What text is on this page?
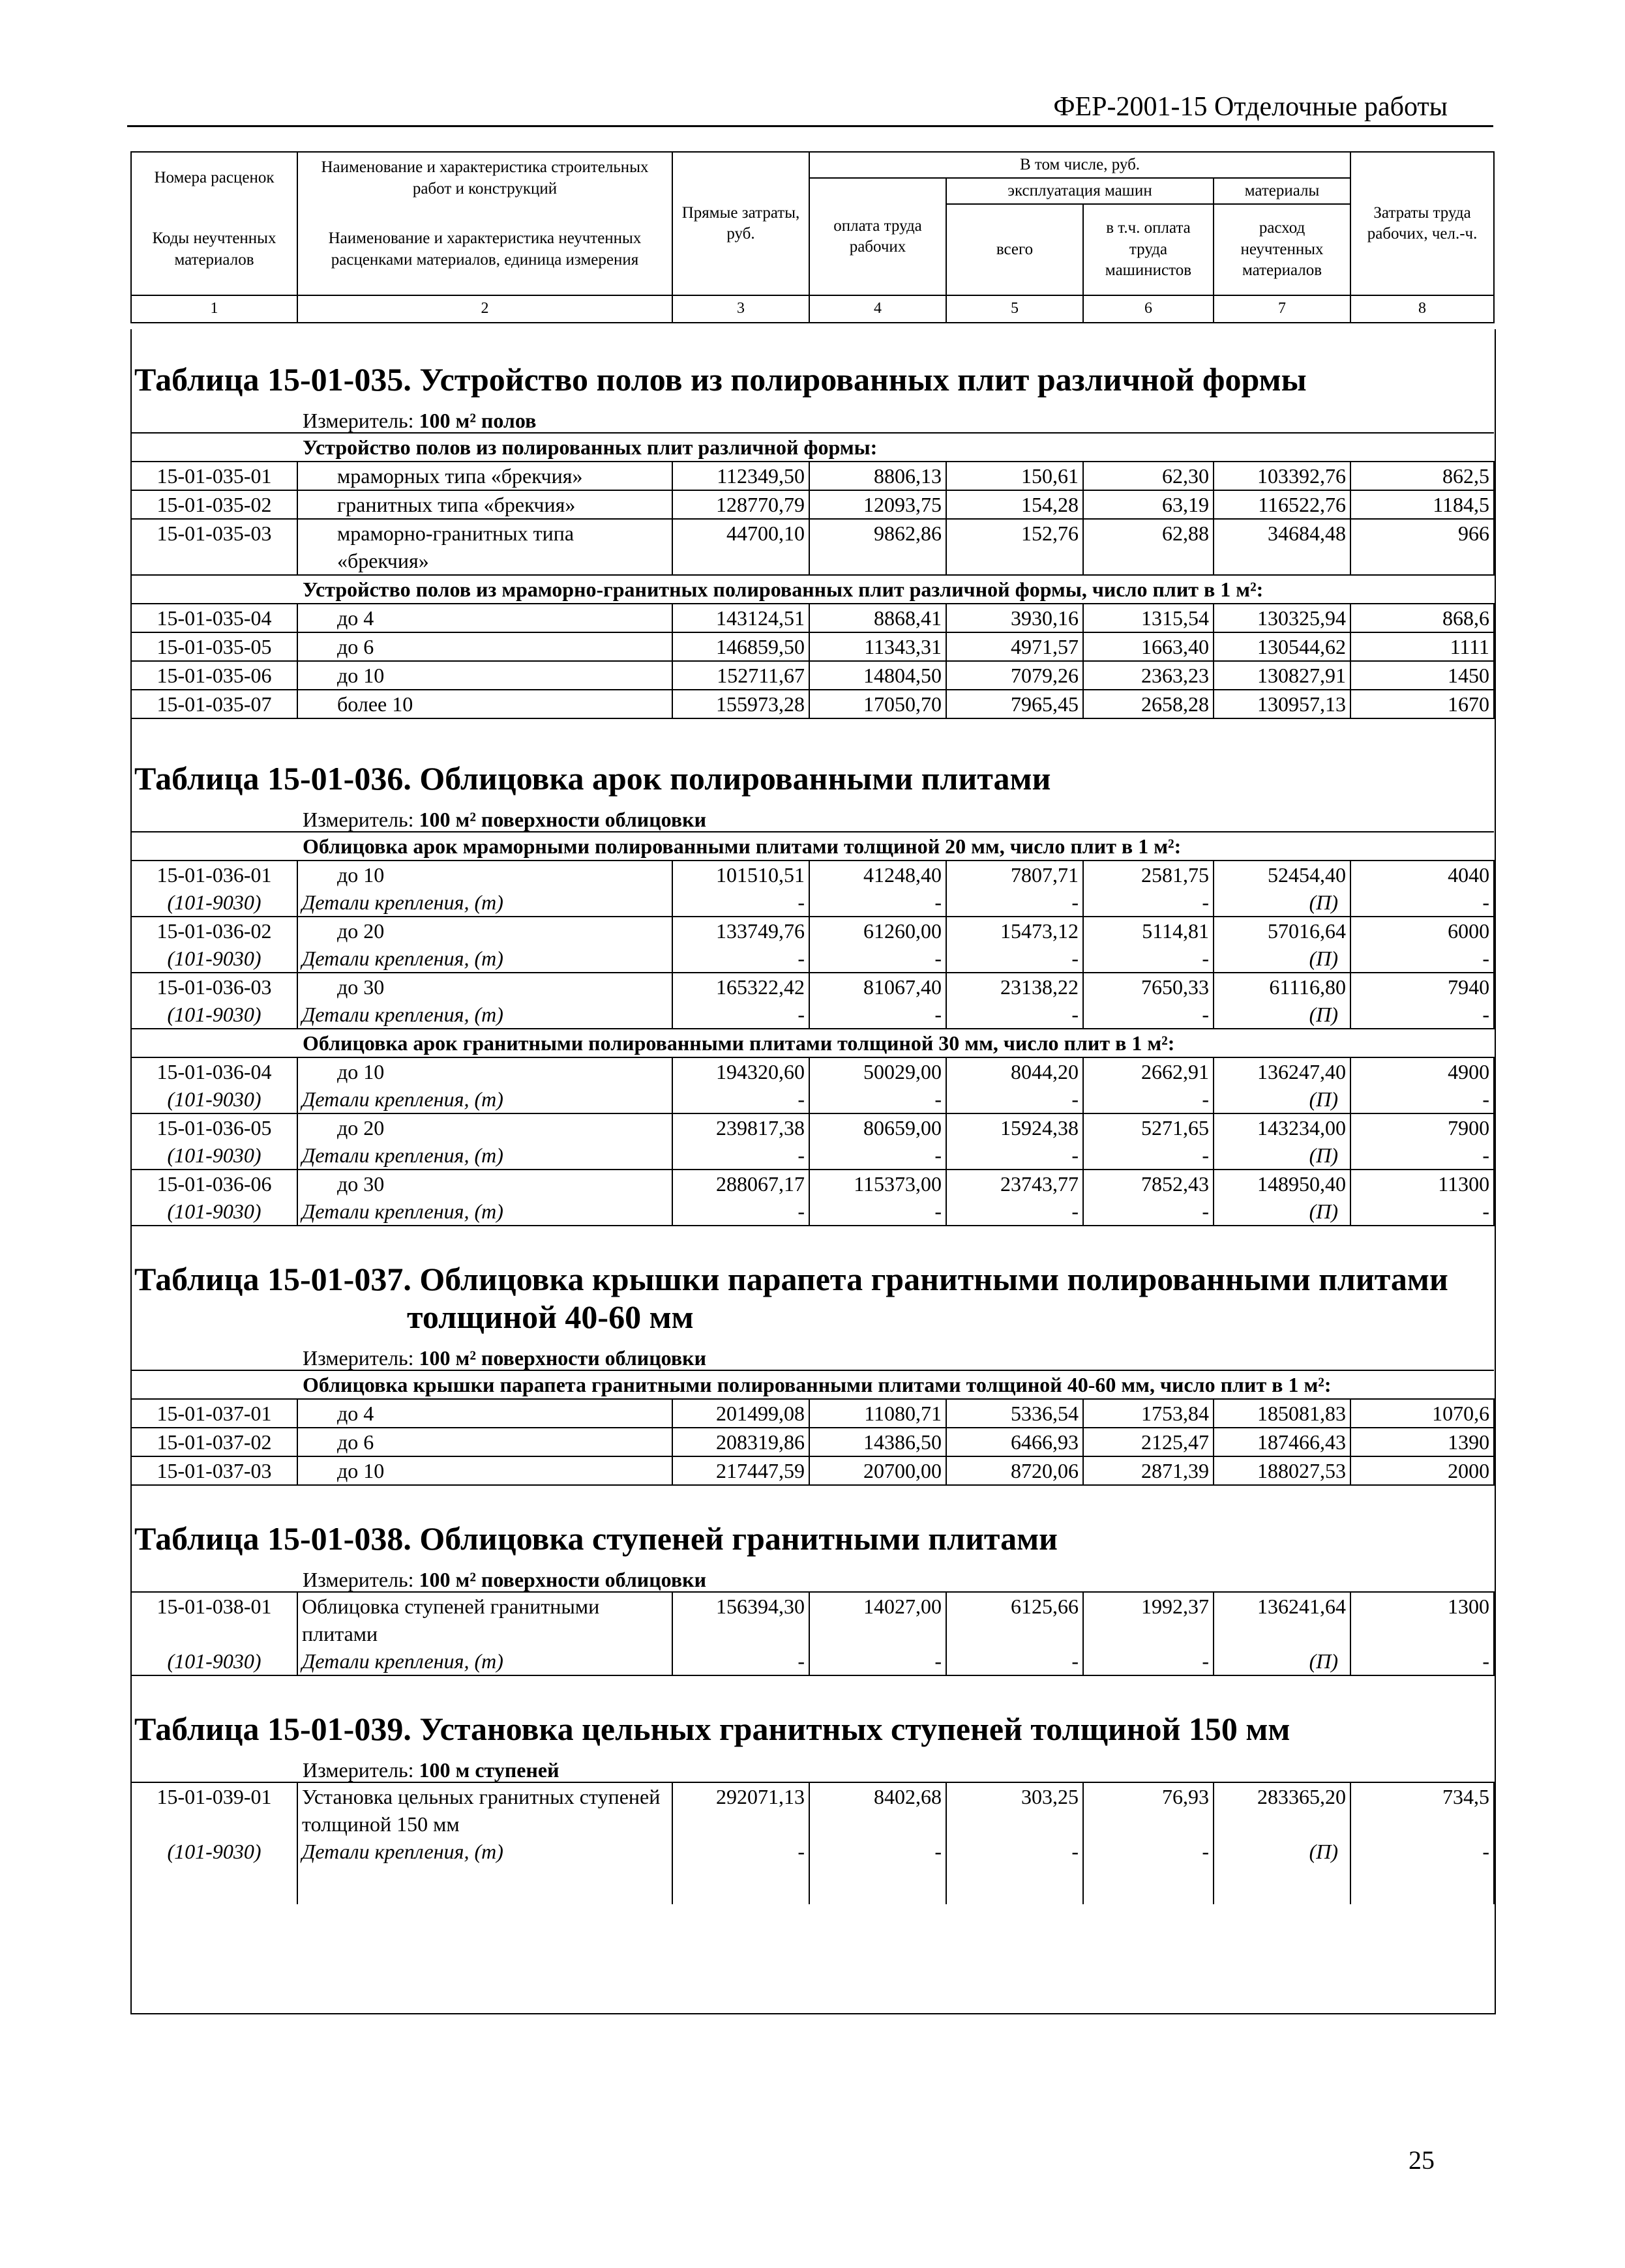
ФЕР-2001-15 Отделочные работы
Номера расценок	Наименование и характеристика строительных работ и конструкций	Прямые затраты, руб.	В том числе, руб.				Затраты труда рабочих, чел.-ч.
			оплата труда рабочих	эксплуатация машин		материалы	
Коды неучтенных материалов	Наименование и характеристика неучтенных расценками материалов, единица измерения			всего	в т.ч. оплата труда машинистов	расход неучтенных материалов	

1	2	3	4	5	6	7	8
Таблица 15-01-035. Устройство полов из полированных плит различной формы
Измеритель: 100 м² полов
	Устройство полов из полированных плит различной формы:						
15-01-035-01	мраморных типа «брекчия»	112349,50	8806,13	150,61	62,30	103392,76	862,5
15-01-035-02	гранитных типа «брекчия»	128770,79	12093,75	154,28	63,19	116522,76	1184,5
15-01-035-03	мраморно-гранитных типа «брекчия»	44700,10	9862,86	152,76	62,88	34684,48	966
	Устройство полов из мраморно-гранитных полированных плит различной формы, число плит в 1 м²:						
15-01-035-04	до 4	143124,51	8868,41	3930,16	1315,54	130325,94	868,6
15-01-035-05	до 6	146859,50	11343,31	4971,57	1663,40	130544,62	1111
15-01-035-06	до 10	152711,67	14804,50	7079,26	2363,23	130827,91	1450
15-01-035-07	более 10	155973,28	17050,70	7965,45	2658,28	130957,13	1670
Таблица 15-01-036. Облицовка арок полированными плитами
Измеритель: 100 м² поверхности облицовки
	Облицовка арок мраморными полированными плитами толщиной 20 мм, число плит в 1 м²:						
15-01-036-01	до 10	101510,51	41248,40	7807,71	2581,75	52454,40	4040
(101-9030)	Детали крепления, (т)	-	-	-	-	(П)	-
15-01-036-02	до 20	133749,76	61260,00	15473,12	5114,81	57016,64	6000
(101-9030)	Детали крепления, (т)	-	-	-	-	(П)	-
15-01-036-03	до 30	165322,42	81067,40	23138,22	7650,33	61116,80	7940
(101-9030)	Детали крепления, (т)	-	-	-	-	(П)	-
	Облицовка арок гранитными полированными плитами толщиной 30 мм, число плит в 1 м²:						
15-01-036-04	до 10	194320,60	50029,00	8044,20	2662,91	136247,40	4900
(101-9030)	Детали крепления, (т)	-	-	-	-	(П)	-
15-01-036-05	до 20	239817,38	80659,00	15924,38	5271,65	143234,00	7900
(101-9030)	Детали крепления, (т)	-	-	-	-	(П)	-
15-01-036-06	до 30	288067,17	115373,00	23743,77	7852,43	148950,40	11300
(101-9030)	Детали крепления, (т)	-	-	-	-	(П)	-
Таблица 15-01-037. Облицовка крышки парапета гранитными полированными плитами
толщиной 40-60 мм
Измеритель: 100 м² поверхности облицовки
	Облицовка крышки парапета гранитными полированными плитами толщиной 40-60 мм, число плит в 1 м²:						
15-01-037-01	до 4	201499,08	11080,71	5336,54	1753,84	185081,83	1070,6
15-01-037-02	до 6	208319,86	14386,50	6466,93	2125,47	187466,43	1390
15-01-037-03	до 10	217447,59	20700,00	8720,06	2871,39	188027,53	2000
Таблица 15-01-038. Облицовка ступеней гранитными плитами
Измеритель: 100 м² поверхности облицовки
15-01-038-01	Облицовка ступеней гранитными плитами	156394,30	14027,00	6125,66	1992,37	136241,64	1300
(101-9030)	Детали крепления, (т)	-	-	-	-	(П)	-
Таблица 15-01-039. Установка цельных гранитных ступеней толщиной 150 мм
Измеритель: 100 м ступеней
15-01-039-01	Установка цельных гранитных ступеней толщиной 150 мм	292071,13	8402,68	303,25	76,93	283365,20	734,5
(101-9030)	Детали крепления, (т)	-	-	-	-	(П)	-

25
